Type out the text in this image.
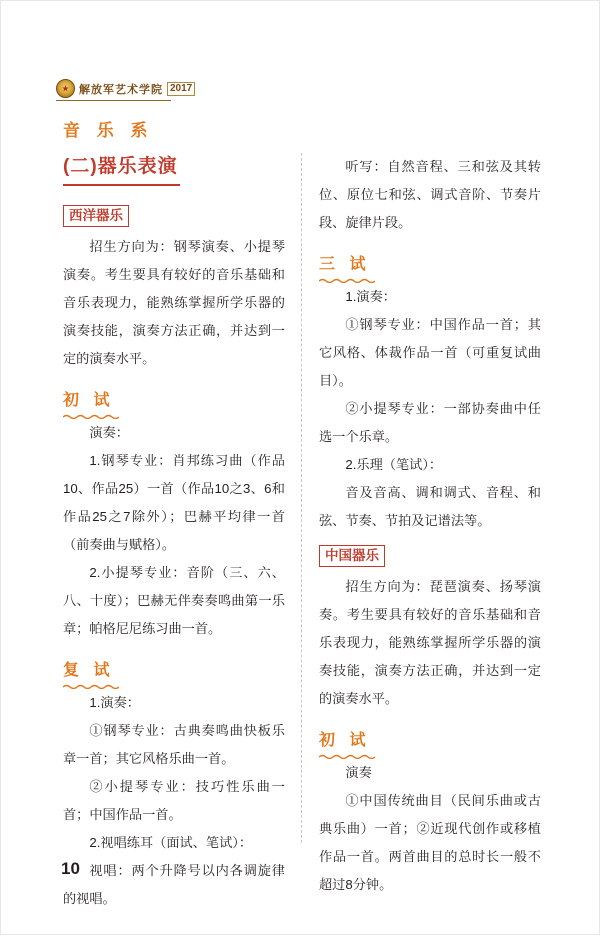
解放军艺术学院 2017
音 乐 系
(二)器乐表演
西洋器乐

招生方向为：钢琴演奏、小提琴演奏。考生要具有较好的音乐基础和音乐表现力，能熟练掌握所学乐器的演奏技能，演奏方法正确，并达到一定的演奏水平。

初 试

演奏：

1.钢琴专业：肖邦练习曲（作品10、作品25）一首（作品10之3、6和作品25之7除外）；巴赫平均律一首（前奏曲与赋格）。

2.小提琴专业：音阶（三、六、八、十度）；巴赫无伴奏奏鸣曲第一乐章；帕格尼尼练习曲一首。

复 试

1.演奏：

①钢琴专业：古典奏鸣曲快板乐章一首；其它风格乐曲一首。

②小提琴专业：技巧性乐曲一首；中国作品一首。

2.视唱练耳（面试、笔试）：

视唱：两个升降号以内各调旋律的视唱。

听写：自然音程、三和弦及其转位、原位七和弦、调式音阶、节奏片段、旋律片段。

三 试

1.演奏：

①钢琴专业：中国作品一首；其它风格、体裁作品一首（可重复试曲目）。

②小提琴专业：一部协奏曲中任选一个乐章。

2.乐理（笔试）：

音及音高、调和调式、音程、和弦、节奏、节拍及记谱法等。

中国器乐

招生方向为：琵琶演奏、扬琴演奏。考生要具有较好的音乐基础和音乐表现力，能熟练掌握所学乐器的演奏技能，演奏方法正确，并达到一定的演奏水平。

初 试

演奏

①中国传统曲目（民间乐曲或古典乐曲）一首；②近现代创作或移植作品一首。两首曲目的总时长一般不超过8分钟。

10
